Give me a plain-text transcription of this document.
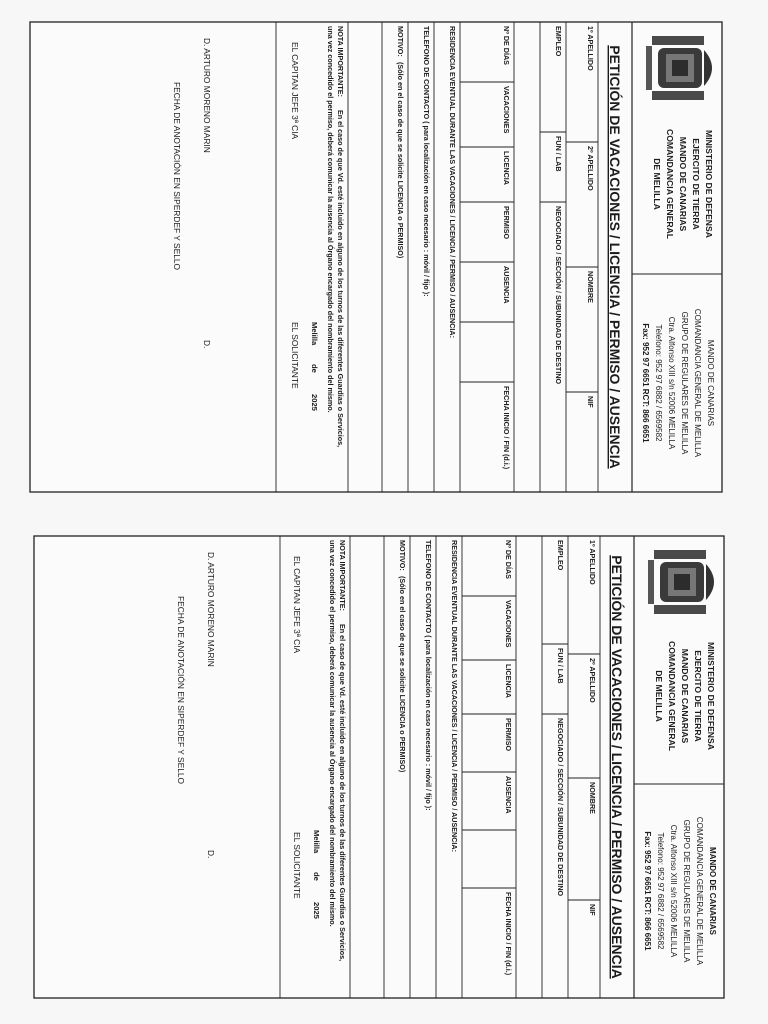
MINISTERIO DE DEFENSA
EJERCITO DE TIERRA
MANDO DE CANARIAS
COMANDANCIA GENERAL
DE MELILLA
MANDO DE CANARIAS
COMANDANCIA GENERAL DE MELILLA
GRUPO DE REGULARES DE MELILLA
Ctra. Alfonso XIII s/n 52006 MELILLA
Telefono: 952 97 6882 / 6569582
Fax: 952 97 6651 RCT: 866 6651
PETICIÓN DE VACACIONES / LICENCIA / PERMISO / AUSENCIA
1º APELLIDO
2º APELLIDO
NOMBRE
NIF
EMPLEO
FUN / LAB
NEGOCIADO / SECCIÓN / SUBUNIDAD DE DESTINO
Nº DE DÍAS
VACACIONES
LICENCIA
PERMISO
AUSENCIA
FECHA INICIO / FIN (d.i.)
RESIDENCIA EVENTUAL DURANTE LAS VACACIONES / LICENCIA / PERMISO / AUSENCIA:
TELEFONO DE CONTACTO ( para localización en caso necesario : móvil / fijo ):
MOTIVO:
(Sólo en el caso de que se solicite LICENCIA o PERMISO)
NOTA IMPORTANTE:
En el caso de que Vd. esté incluido en alguno de los turnos de las diferentes Guardias o Servicios,
una vez concedido el permiso, deberá comunicar la ausencia al Órgano encargado del nombramiento del mismo.
Melilla
de
2025
EL CAPITAN JEFE 3ª CIA
EL SOLICITANTE
D. ARTURO MORENO MARIN
D.
FECHA DE ANOTACIÓN EN SIPERDEF Y SELLO
MINISTERIO DE DEFENSA
EJERCITO DE TIERRA
MANDO DE CANARIAS
COMANDANCIA GENERAL
DE MELILLA
MANDO DE CANARIAS
COMANDANCIA GENERAL DE MELILLA
GRUPO DE REGULARES DE MELILLA
Ctra. Alfonso XIII s/n 52006 MELILLA
Telefono: 952 97 6882 / 6569582
Fax: 952 97 6651 RCT: 866 6651
PETICIÓN DE VACACIONES / LICENCIA / PERMISO / AUSENCIA
1º APELLIDO
2º APELLIDO
NOMBRE
NIF
EMPLEO
FUN / LAB
NEGOCIADO / SECCIÓN / SUBUNIDAD DE DESTINO
Nº DE DÍAS
VACACIONES
LICENCIA
PERMISO
AUSENCIA
FECHA INICIO / FIN (d.i.)
RESIDENCIA EVENTUAL DURANTE LAS VACACIONES / LICENCIA / PERMISO / AUSENCIA:
TELEFONO DE CONTACTO ( para localización en caso necesario : móvil / fijo ):
MOTIVO:
(Sólo en el caso de que se solicite LICENCIA o PERMISO)
NOTA IMPORTANTE:
En el caso de que Vd. esté incluido en alguno de los turnos de las diferentes Guardias o Servicios,
una vez concedido el permiso, deberá comunicar la ausencia al Órgano encargado del nombramiento del mismo.
Melilla
de
2025
EL CAPITAN JEFE 3ª CIA
EL SOLICITANTE
D. ARTURO MORENO MARIN
D.
FECHA DE ANOTACIÓN EN SIPERDEF Y SELLO
